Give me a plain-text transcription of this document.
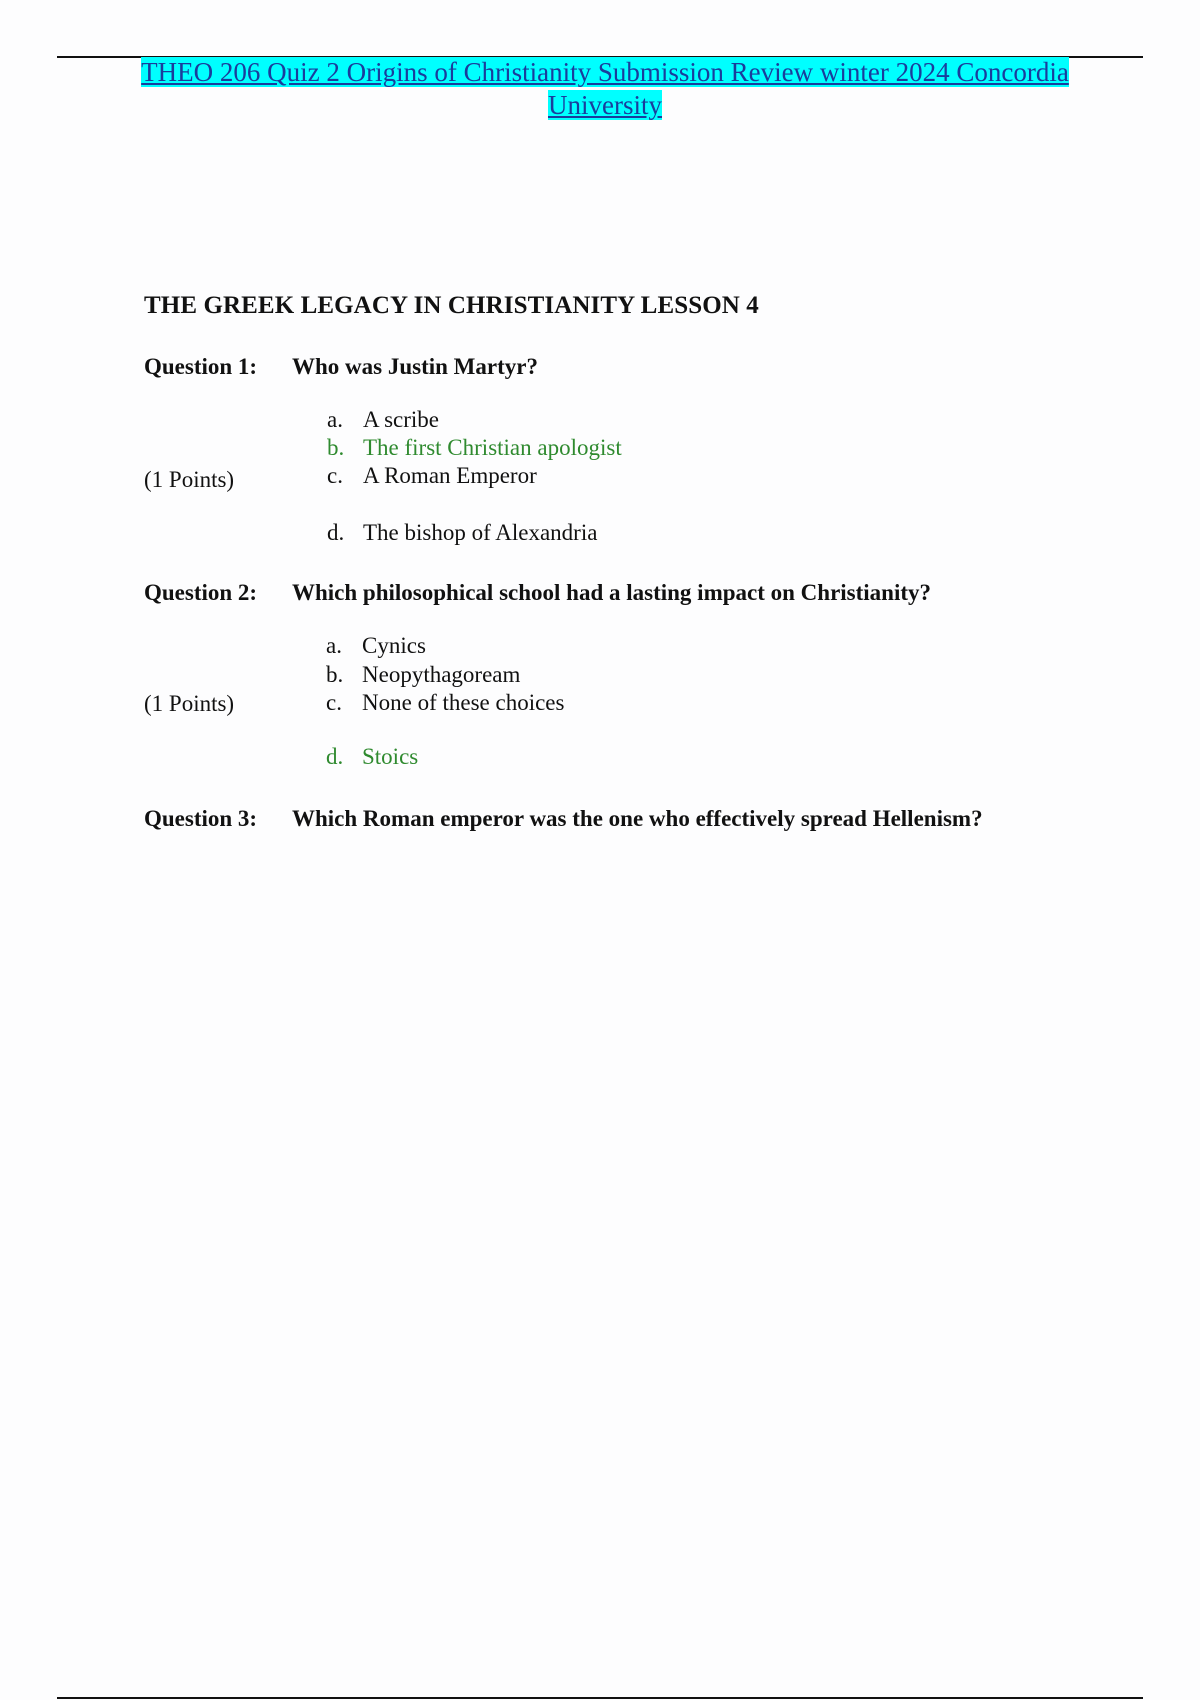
THEO 206 Quiz 2 Origins of Christianity Submission Review winter 2024 Concordia University
THE GREEK LEGACY IN CHRISTIANITY LESSON 4
Question 1: Who was Justin Martyr?
a. A scribe
b. The first Christian apologist
(1 Points)	c. A Roman Emperor
d. The bishop of Alexandria
Question 2: Which philosophical school had a lasting impact on Christianity?
a. Cynics
b. Neopythagoream
(1 Points)	c. None of these choices
d. Stoics
Question 3: Which Roman emperor was the one who effectively spread Hellenism?
